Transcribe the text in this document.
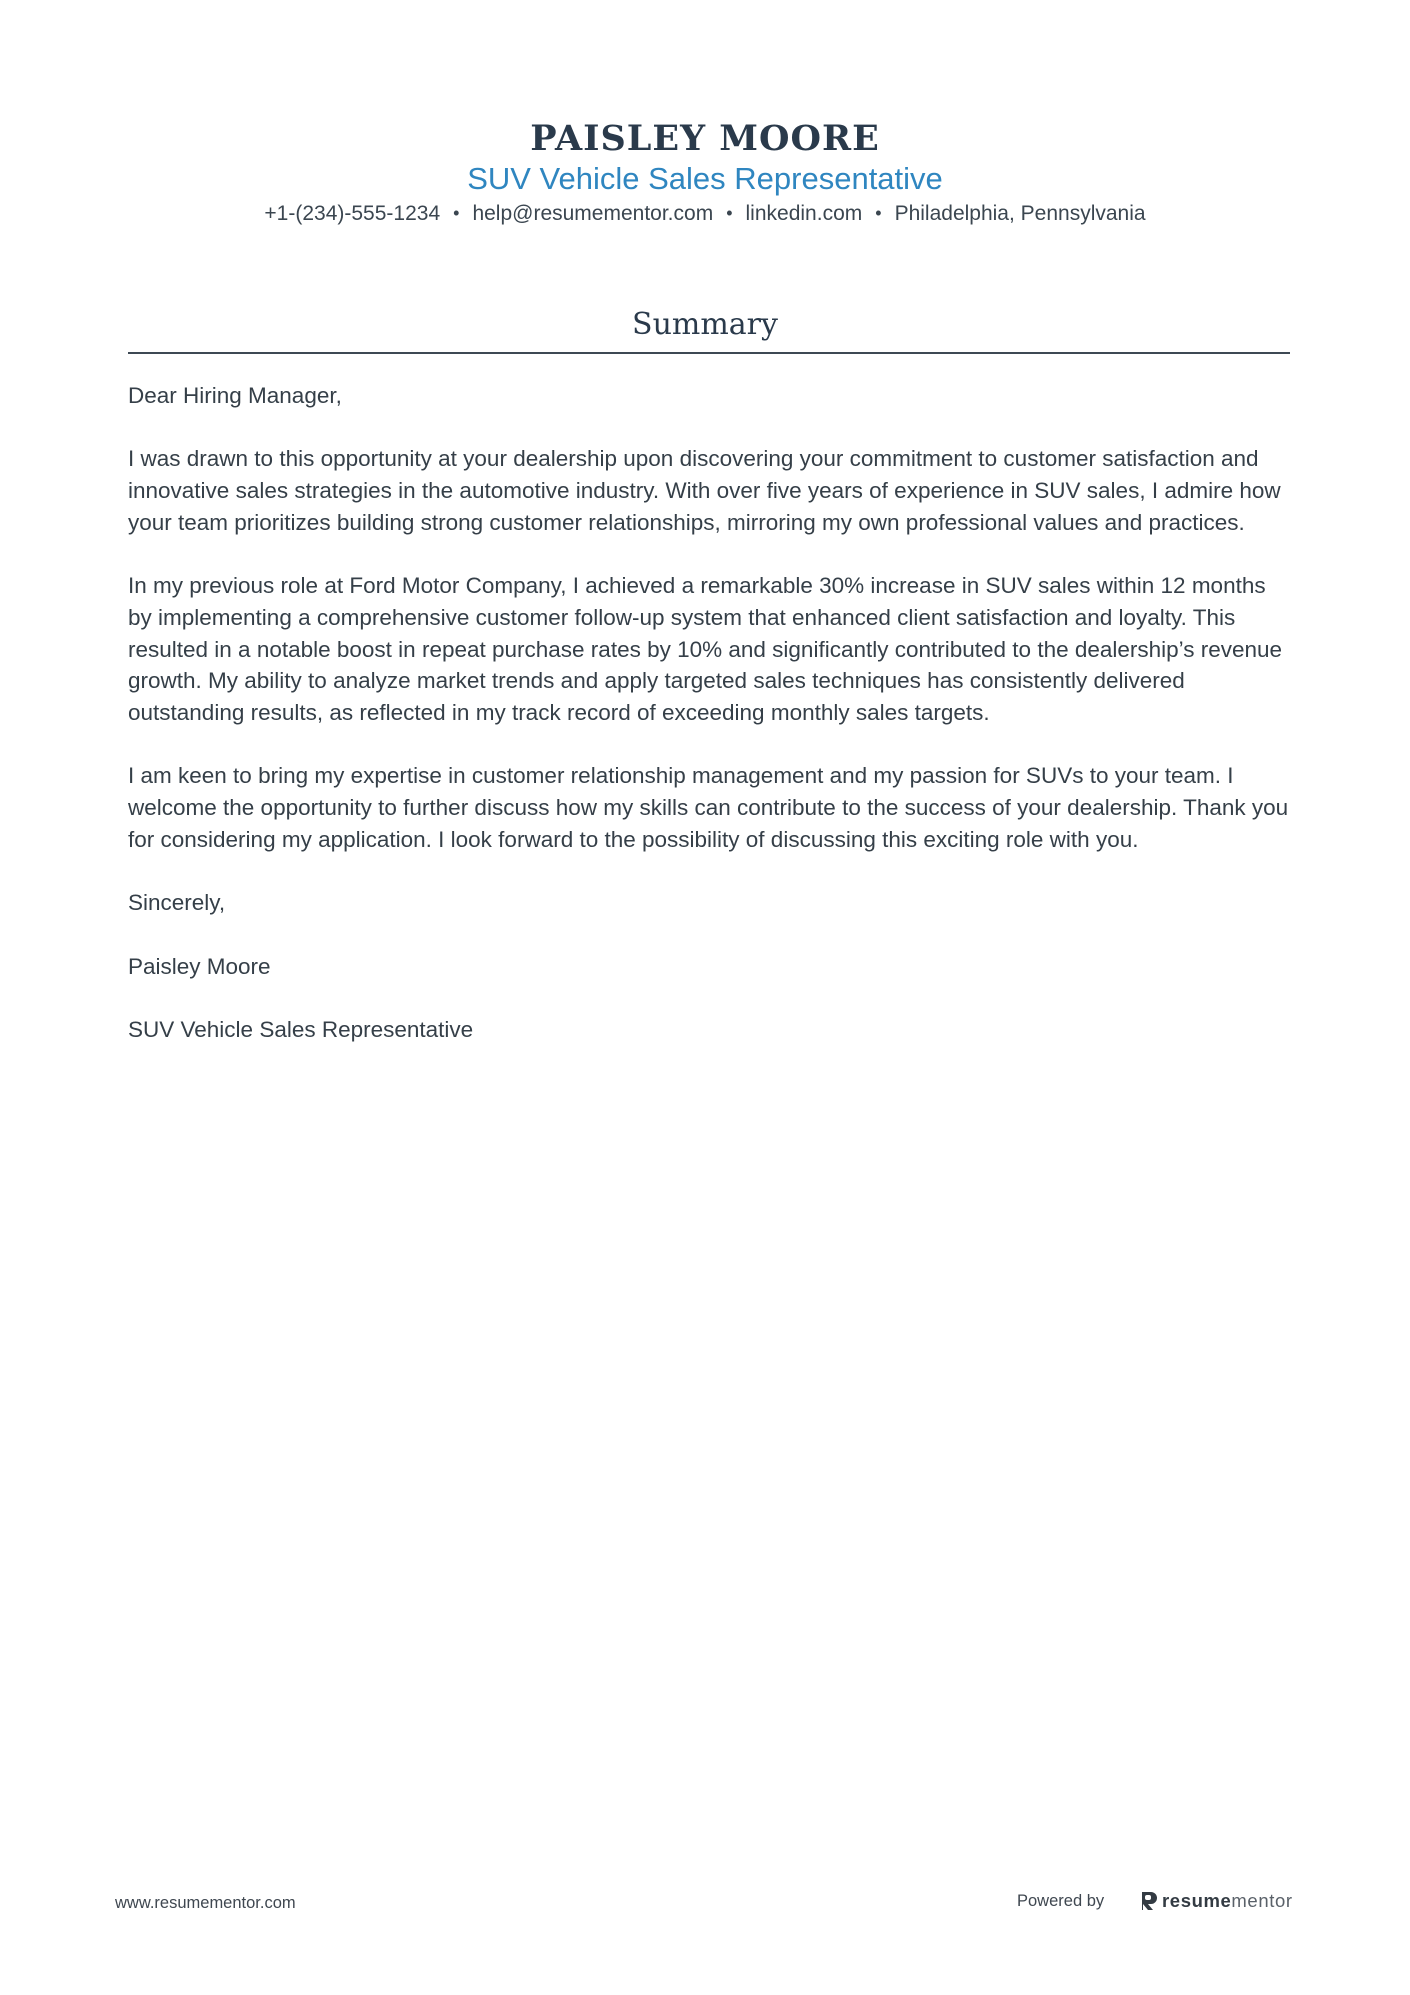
PAISLEY MOORE
SUV Vehicle Sales Representative
+1-(234)-555-1234 • help@resumementor.com • linkedin.com • Philadelphia, Pennsylvania
Summary

Dear Hiring Manager,

I was drawn to this opportunity at your dealership upon discovering your commitment to customer satisfaction and innovative sales strategies in the automotive industry. With over five years of experience in SUV sales, I admire how your team prioritizes building strong customer relationships, mirroring my own professional values and practices.

In my previous role at Ford Motor Company, I achieved a remarkable 30% increase in SUV sales within 12 months by implementing a comprehensive customer follow-up system that enhanced client satisfaction and loyalty. This resulted in a notable boost in repeat purchase rates by 10% and significantly contributed to the dealership’s revenue growth. My ability to analyze market trends and apply targeted sales techniques has consistently delivered outstanding results, as reflected in my track record of exceeding monthly sales targets.

I am keen to bring my expertise in customer relationship management and my passion for SUVs to your team. I welcome the opportunity to further discuss how my skills can contribute to the success of your dealership. Thank you for considering my application. I look forward to the possibility of discussing this exciting role with you.

Sincerely,

Paisley Moore

SUV Vehicle Sales Representative

www.resumementor.com	Powered by	resumementor
